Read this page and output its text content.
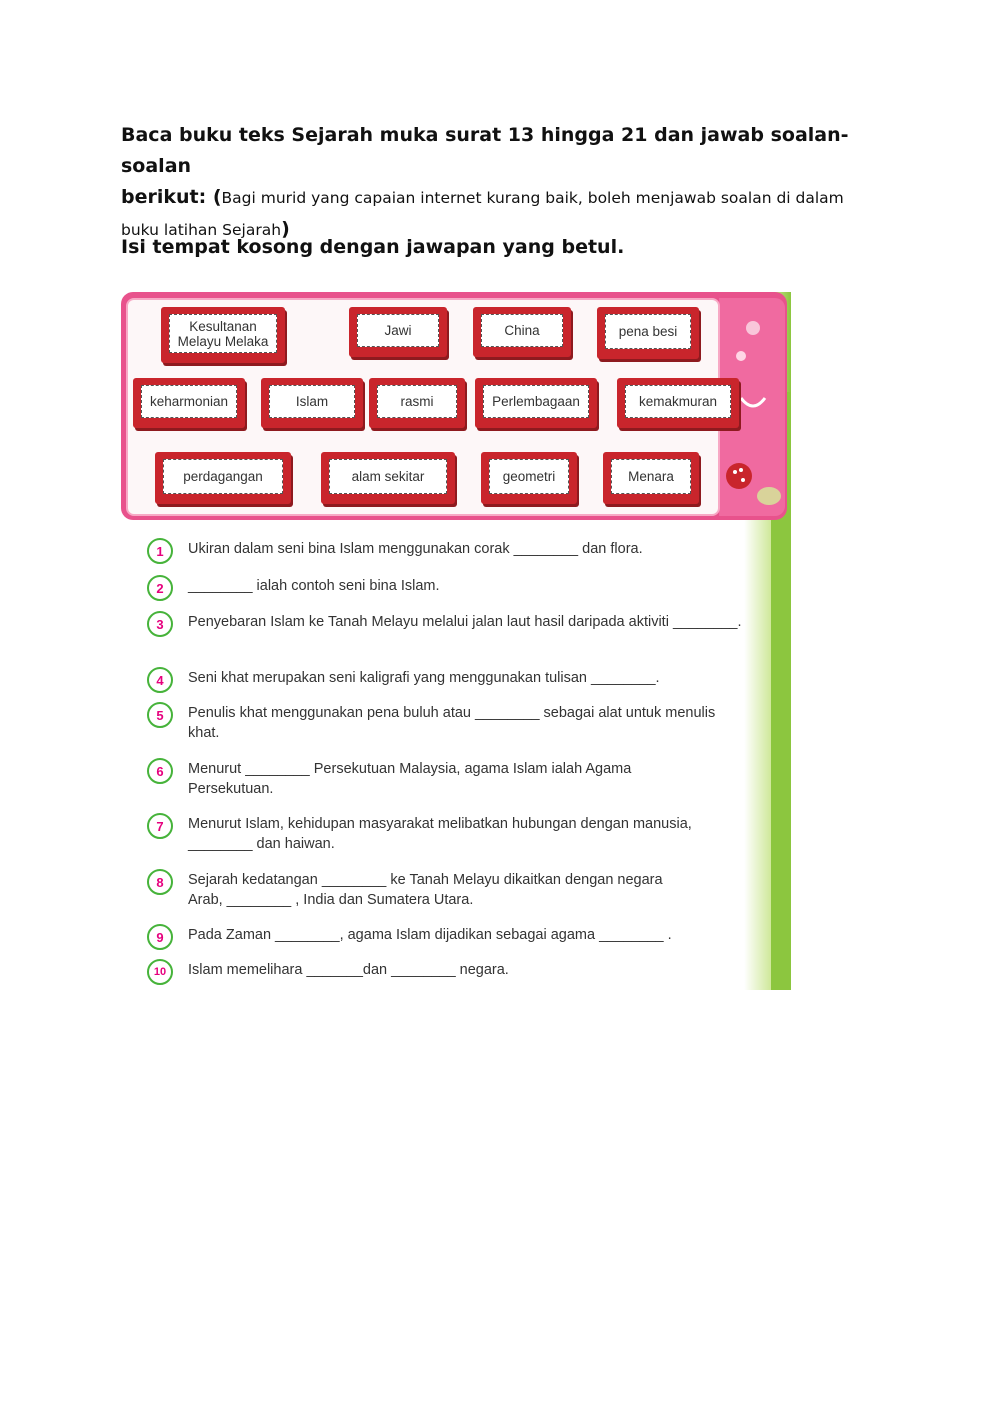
Baca buku teks Sejarah muka surat 13 hingga 21 dan jawab soalan-soalan
berikut: (Bagi murid yang capaian internet kurang baik, boleh menjawab soalan di dalam buku latihan Sejarah)
Isi tempat kosong dengan jawapan yang betul.
Kesultanan Melayu Melaka
Jawi	China	pena besi
keharmonian	Islam	rasmi	Perlembagaan	kemakmuran
perdagangan	alam sekitar	geometri	Menara
1	Ukiran dalam seni bina Islam menggunakan corak ________ dan flora.
2	________ ialah contoh seni bina Islam.
3	Penyebaran Islam ke Tanah Melayu melalui jalan laut hasil daripada aktiviti ________.
4	Seni khat merupakan seni kaligrafi yang menggunakan tulisan ________.
5	Penulis khat menggunakan pena buluh atau ________ sebagai alat untuk menulis khat.
6	Menurut ________ Persekutuan Malaysia, agama Islam ialah Agama Persekutuan.
7	Menurut Islam, kehidupan masyarakat melibatkan hubungan dengan manusia, ________ dan haiwan.
8	Sejarah kedatangan ________ ke Tanah Melayu dikaitkan dengan negara Arab, ________ , India dan Sumatera Utara.
9	Pada Zaman ________, agama Islam dijadikan sebagai agama ________ .
10	Islam memelihara _______dan ________ negara.
